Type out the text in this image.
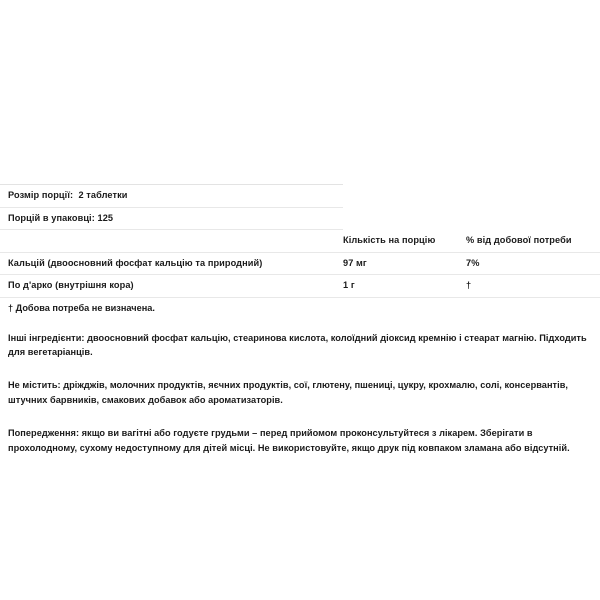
Розмір порції: 2 таблетки		
Порцій в упаковці: 125		
	Кількість на порцію	% від добової потреби
Кальцій (двоосновний фосфат кальцію та природний)	97 мг	7%
По д'арко (внутрішня кора)	1 г	†

† Добова потреба не визначена.

Інші інгредієнти: двоосновний фосфат кальцію, стеаринова кислота, колоїдний діоксид кремнію і стеарат магнію. Підходить для вегетаріанців.

Не містить: дріжджів, молочних продуктів, яєчних продуктів, сої, глютену, пшениці, цукру, крохмалю, солі, консервантів, штучних барвників, смакових добавок або ароматизаторів.

Попередження: якщо ви вагітні або годуєте грудьми – перед прийомом проконсультуйтеся з лікарем. Зберігати в прохолодному, сухому недоступному для дітей місці. Не використовуйте, якщо друк під ковпаком зламана або відсутній.
